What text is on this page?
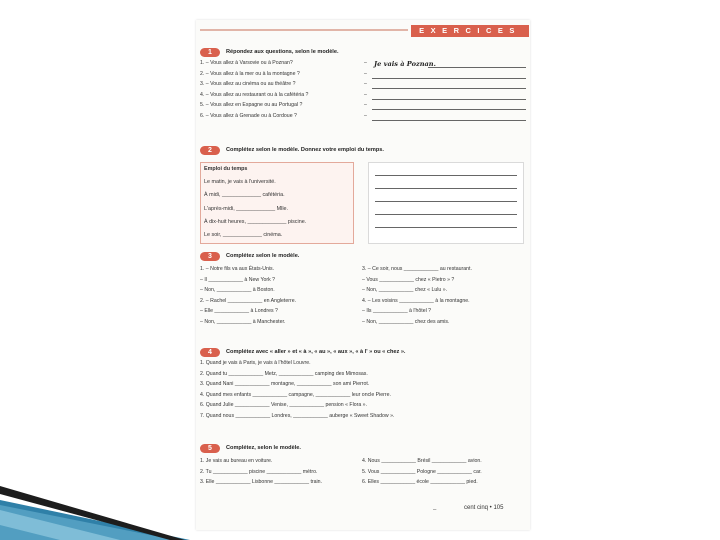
EXERCICES
1	Répondez aux questions, selon le modèle.
1. – Vous allez à Varsovie ou à Poznan?	– Je vais à Poznan.
2. – Vous allez à la mer ou à la montagne ?	–
3. – Vous allez au cinéma ou au théâtre ?	–
4. – Vous allez au restaurant ou à la cafétéria ?	–
5. – Vous allez en Espagne ou au Portugal ?	–
6. – Vous allez à Grenade ou à Cordoue ?	–
2	Complétez selon le modèle. Donnez votre emploi du temps.
Emploi du temps
Le matin, je vais à l'université.
À midi, _____________ cafétéria.
L'après-midi, _____________ Mlle.
À dix-huit heures, _____________ piscine.
Le soir, _____________ cinéma.
3	Complétez selon le modèle.
1. – Notre fils va aux États-Unis.
– Il ____________ à New York ?
– Non, ____________ à Boston.
2. – Rachel ____________ en Angleterre.
– Elle ____________ à Londres ?
– Non, ____________ à Manchester.
3. – Ce soir, nous ____________ au restaurant.
– Vous ____________ chez « Pietro » ?
– Non, ____________ chez « Lulu ».
4. – Les voisins ____________ à la montagne.
– Ils ____________ à l'hôtel ?
– Non, ____________ chez des amis.
4	Complétez avec « aller » et « à », « au », « aux », « à l' » ou « chez ».
1. Quand je vais à Paris, je vais à l'hôtel Louvre.
2. Quand tu ____________ Metz, ____________ camping des Mimosas.
3. Quand Nani ____________ montagne, ____________ son ami Pierrot.
4. Quand mes enfants ____________ campagne, ____________ leur oncle Pierre.
6. Quand Julie ____________ Venise, ____________ pension « Flora ».
7. Quand nous ____________ Londres, ____________ auberge « Sweet Shadow ».
5	Complétez, selon le modèle.
1. Je vais au bureau en voiture.
2. Tu ____________ piscine ____________ métro.
3. Elle ____________ Lisbonne ____________ train.
4. Nous ____________ Brésil ____________ avion.
5. Vous ____________ Pologne ____________ car.
6. Elles ____________ école ____________ pied.
–	cent cinq • 105
